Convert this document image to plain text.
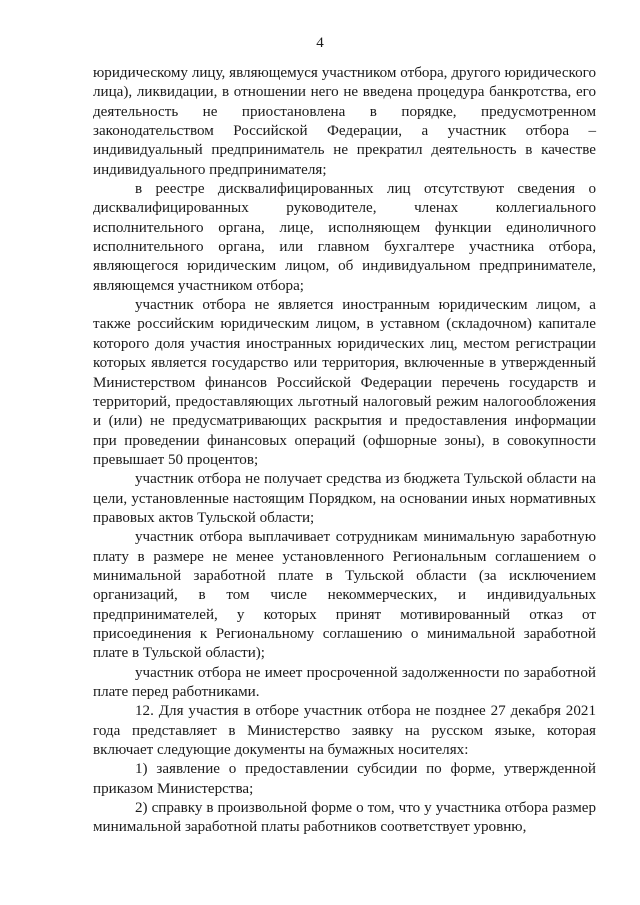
4

юридическому лицу, являющемуся участником отбора, другого юридического лица), ликвидации, в отношении него не введена процедура банкротства, его деятельность не приостановлена в порядке, предусмотренном законодательством Российской Федерации, а участник отбора – индивидуальный предприниматель не прекратил деятельность в качестве индивидуального предпринимателя;

в реестре дисквалифицированных лиц отсутствуют сведения о дисквалифицированных руководителе, членах коллегиального исполнительного органа, лице, исполняющем функции единоличного исполнительного органа, или главном бухгалтере участника отбора, являющегося юридическим лицом, об индивидуальном предпринимателе, являющемся участником отбора;

участник отбора не является иностранным юридическим лицом, а также российским юридическим лицом, в уставном (складочном) капитале которого доля участия иностранных юридических лиц, местом регистрации которых является государство или территория, включенные в утвержденный Министерством финансов Российской Федерации перечень государств и территорий, предоставляющих льготный налоговый режим налогообложения и (или) не предусматривающих раскрытия и предоставления информации при проведении финансовых операций (офшорные зоны), в совокупности превышает 50 процентов;

участник отбора не получает средства из бюджета Тульской области на цели, установленные настоящим Порядком, на основании иных нормативных правовых актов Тульской области;

участник отбора выплачивает сотрудникам минимальную заработную плату в размере не менее установленного Региональным соглашением о минимальной заработной плате в Тульской области (за исключением организаций, в том числе некоммерческих, и индивидуальных предпринимателей, у которых принят мотивированный отказ от присоединения к Региональному соглашению о минимальной заработной плате в Тульской области);

участник отбора не имеет просроченной задолженности по заработной плате перед работниками.

12. Для участия в отборе участник отбора не позднее 27 декабря 2021 года представляет в Министерство заявку на русском языке, которая включает следующие документы на бумажных носителях:

1) заявление о предоставлении субсидии по форме, утвержденной приказом Министерства;

2) справку в произвольной форме о том, что у участника отбора размер минимальной заработной платы работников соответствует уровню,
